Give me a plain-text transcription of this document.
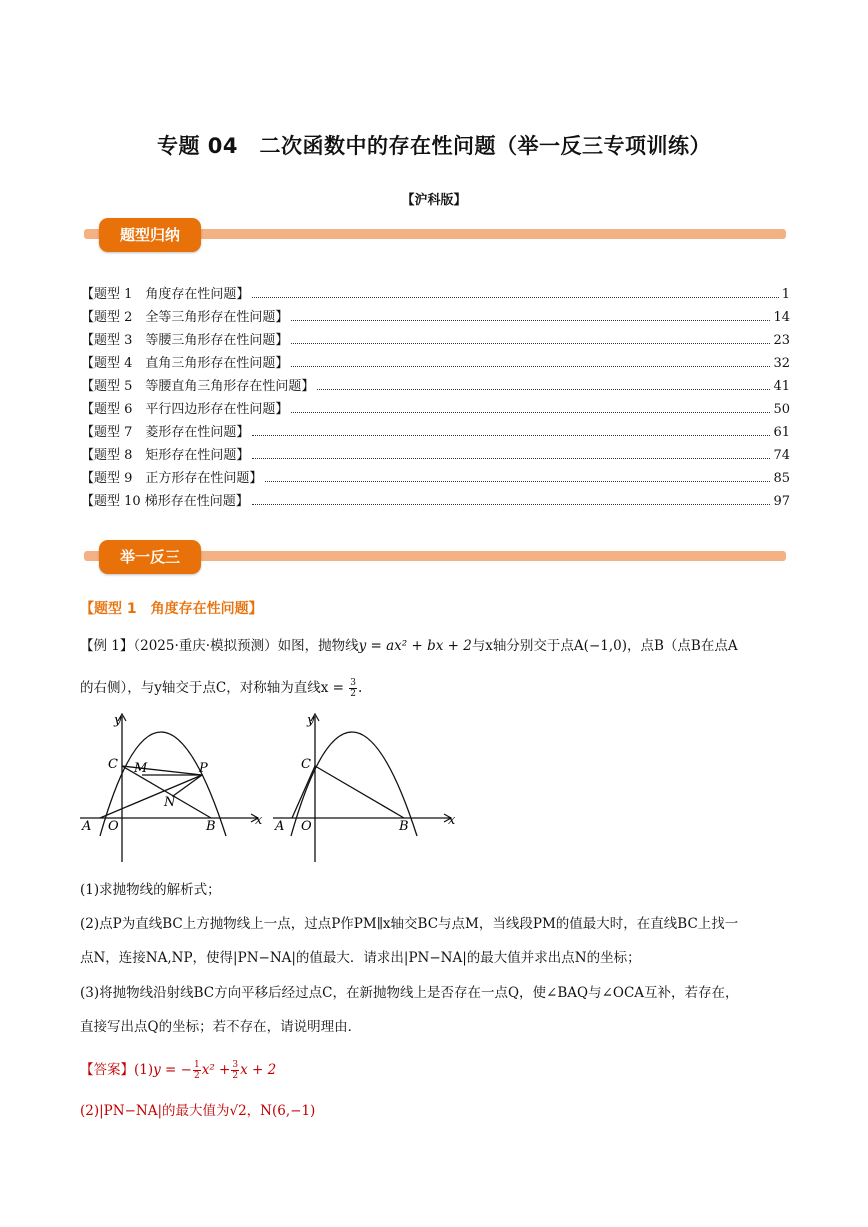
专题 04　二次函数中的存在性问题（举一反三专项训练）
【沪科版】
题型归纳
【题型 1　角度存在性问题】	1
【题型 2　全等三角形存在性问题】	14
【题型 3　等腰三角形存在性问题】	23
【题型 4　直角三角形存在性问题】	32
【题型 5　等腰直角三角形存在性问题】	41
【题型 6　平行四边形存在性问题】	50
【题型 7　菱形存在性问题】	61
【题型 8　矩形存在性问题】	74
【题型 9　正方形存在性问题】	85
【题型 10 梯形存在性问题】	97
举一反三
【题型 1　角度存在性问题】
【例 1】（2025·重庆·模拟预测）如图，抛物线y = ax² + bx + 2与x轴分别交于点A(−1,0)，点B（点B在点A
的右侧），与y轴交于点C，对称轴为直线$x = \frac{3}{2}$ .
y
x
C M	P
N
A O	B
y
x
C
A O	B
(1)求抛物线的解析式；
(2)点P为直线BC上方抛物线上一点，过点P作PM∥x轴交BC与点M，当线段PM的值最大时，在直线BC上找一
点N，连接NA,NP，使得|PN−NA|的值最大．请求出|PN−NA|的最大值并求出点N的坐标；
(3)将抛物线沿射线BC方向平移后经过点C，在新抛物线上是否存在一点Q，使∠BAQ与∠OCA互补，若存在，
直接写出点Q的坐标；若不存在，请说明理由．
【答案】(1)y = − $\frac{1}{2} x^2 + \frac{3}{2}$ x + 2
(2)|PN−NA|的最大值为√2，N(6,−1)
